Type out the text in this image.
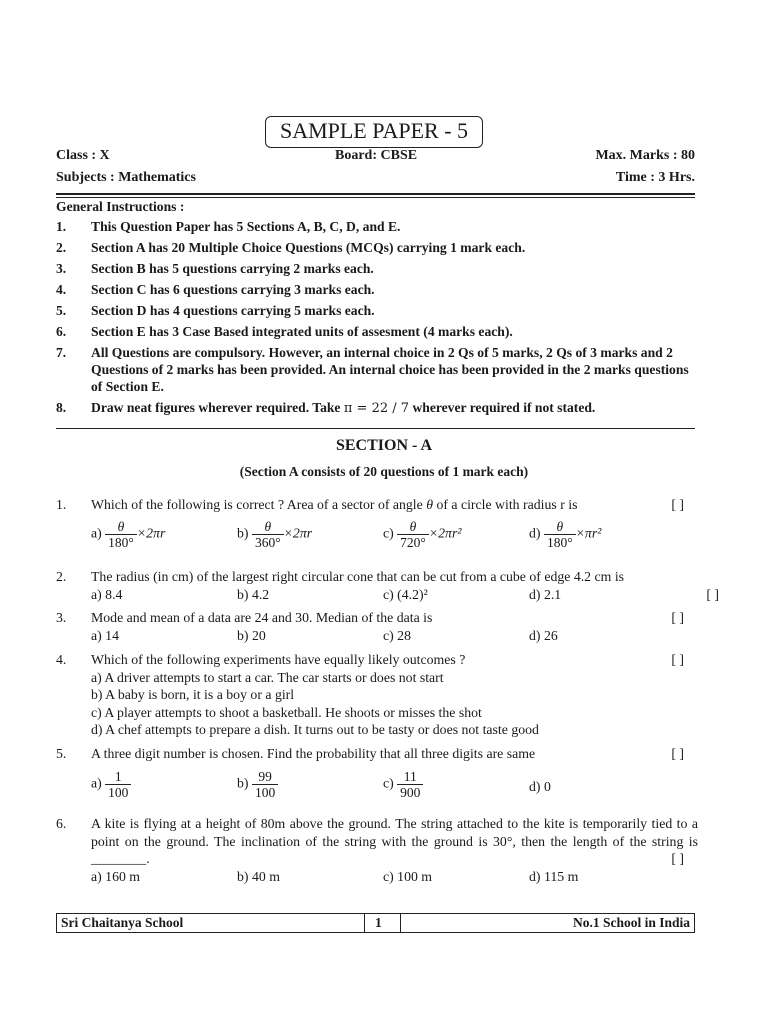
SAMPLE PAPER - 5
Class : X	Board: CBSE	Max. Marks : 80
Subjects : Mathematics	Time : 3 Hrs.
General Instructions :
1. This Question Paper has 5 Sections A, B, C, D, and E.
2. Section A has 20 Multiple Choice Questions (MCQs) carrying 1 mark each.
3. Section B has 5 questions carrying 2 marks each.
4. Section C has 6 questions carrying 3 marks each.
5. Section D has 4 questions carrying 5 marks each.
6. Section E has 3 Case Based integrated units of assesment (4 marks each).
7. All Questions are compulsory. However, an internal choice in 2 Qs of 5 marks, 2 Qs of 3 marks and 2 Questions of 2 marks has been provided. An internal choice has been provided in the 2 marks questions of Section E.
8. Draw neat figures wherever required. Take π = 22 / 7 wherever required if not stated.
SECTION - A
(Section A consists of 20 questions of 1 mark each)
1. Which of the following is correct ? Area of a sector of angle θ of a circle with radius r is	[ ]
$a) \frac{\theta}{180^\circ} \times 2\pi r$	$b) \frac{\theta}{360^\circ} \times 2\pi r$	$c) \frac{\theta}{720^\circ} \times 2\pi r^2$	$d) \frac{\theta}{180^\circ} \times\pi r^2$
2. The radius (in cm) of the largest right circular cone that can be cut from a cube of edge 4.2 cm is
a) 8.4	b) 4.2	c) (4.2)²	d) 2.1	[ ]
3. Mode and mean of a data are 24 and 30. Median of the data is	[ ]
a) 14	b) 20	c) 28	d) 26
4. Which of the following experiments have equally likely outcomes ?	[ ]
a) A driver attempts to start a car. The car starts or does not start
b) A baby is born, it is a boy or a girl
c) A player attempts to shoot a basketball. He shoots or misses the shot
d) A chef attempts to prepare a dish. It turns out to be tasty or does not taste good
5. A three digit number is chosen. Find the probability that all three digits are same	[ ]
$a) \frac{1}{100}$	$b) \frac{99}{100}$	$c) \frac{11}{900}$	d) 0
6. A kite is flying at a height of 80m above the ground. The string attached to the kite is temporarily tied to a point on the ground. The inclination of the string with the ground is 30°, then the length of the string is ________.	[ ]
a) 160 m	b) 40 m	c) 100 m	d) 115 m
Sri Chaitanya School	1	No.1 School in India
